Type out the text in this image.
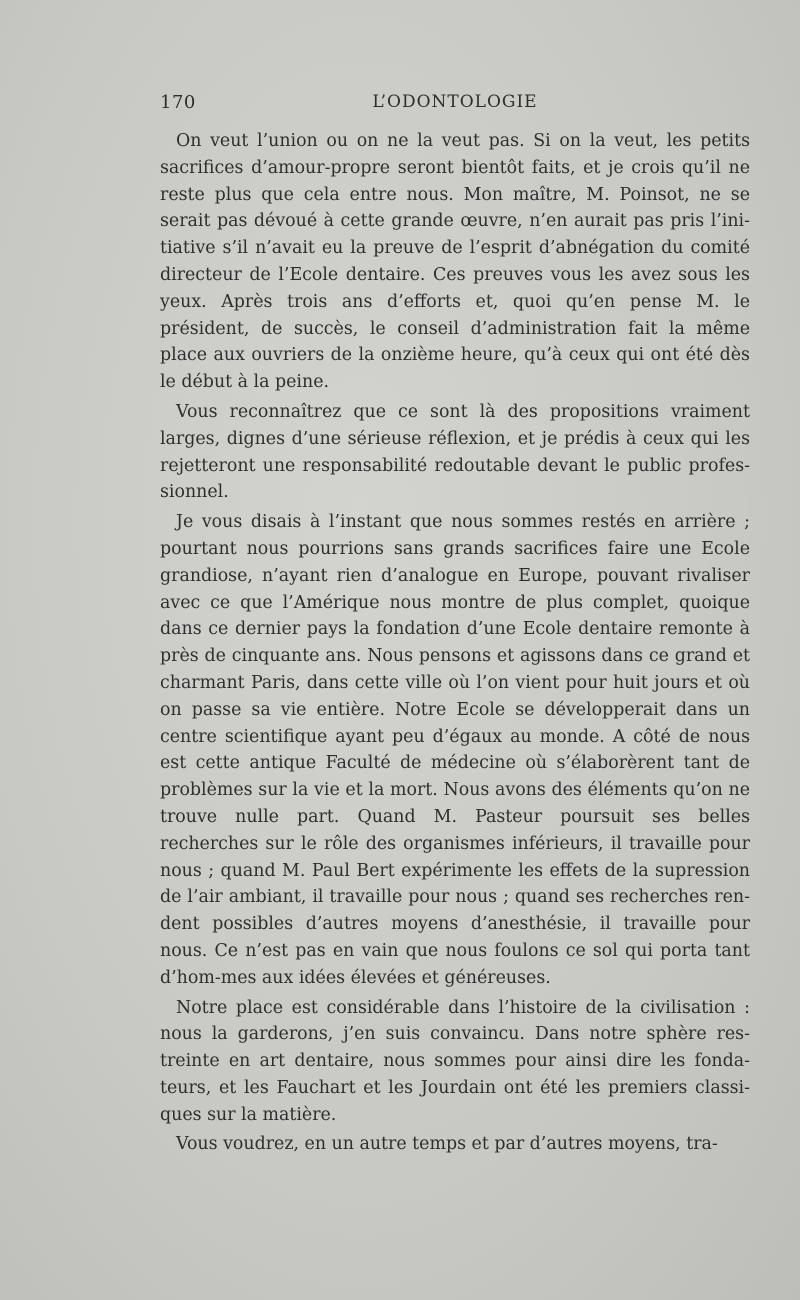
170	L’ODONTOLOGIE

On veut l’union ou on ne la veut pas. Si on la veut, les petits sacrifices d’amour-propre seront bientôt faits, et je crois qu’il ne reste plus que cela entre nous. Mon maître, M. Poinsot, ne se serait pas dévoué à cette grande œuvre, n’en aurait pas pris l’ini-tiative s’il n’avait eu la preuve de l’esprit d’abnégation du comité directeur de l’Ecole dentaire. Ces preuves vous les avez sous les yeux. Après trois ans d’efforts et, quoi qu’en pense M. le président, de succès, le conseil d’administration fait la même place aux ouvriers de la onzième heure, qu’à ceux qui ont été dès le début à la peine.

Vous reconnaîtrez que ce sont là des propositions vraiment larges, dignes d’une sérieuse réflexion, et je prédis à ceux qui les rejetteront une responsabilité redoutable devant le public profes-sionnel.

Je vous disais à l’instant que nous sommes restés en arrière ; pourtant nous pourrions sans grands sacrifices faire une Ecole grandiose, n’ayant rien d’analogue en Europe, pouvant rivaliser avec ce que l’Amérique nous montre de plus complet, quoique dans ce dernier pays la fondation d’une Ecole dentaire remonte à près de cinquante ans. Nous pensons et agissons dans ce grand et charmant Paris, dans cette ville où l’on vient pour huit jours et où on passe sa vie entière. Notre Ecole se développerait dans un centre scientifique ayant peu d’égaux au monde. A côté de nous est cette antique Faculté de médecine où s’élaborèrent tant de problèmes sur la vie et la mort. Nous avons des éléments qu’on ne trouve nulle part. Quand M. Pasteur poursuit ses belles recherches sur le rôle des organismes inférieurs, il travaille pour nous ; quand M. Paul Bert expérimente les effets de la supression de l’air ambiant, il travaille pour nous ; quand ses recherches ren-dent possibles d’autres moyens d’anesthésie, il travaille pour nous. Ce n’est pas en vain que nous foulons ce sol qui porta tant d’hom-mes aux idées élevées et généreuses.

Notre place est considérable dans l’histoire de la civilisation : nous la garderons, j’en suis convaincu. Dans notre sphère res-treinte en art dentaire, nous sommes pour ainsi dire les fonda-teurs, et les Fauchart et les Jourdain ont été les premiers classi-ques sur la matière.

Vous voudrez, en un autre temps et par d’autres moyens, tra-
